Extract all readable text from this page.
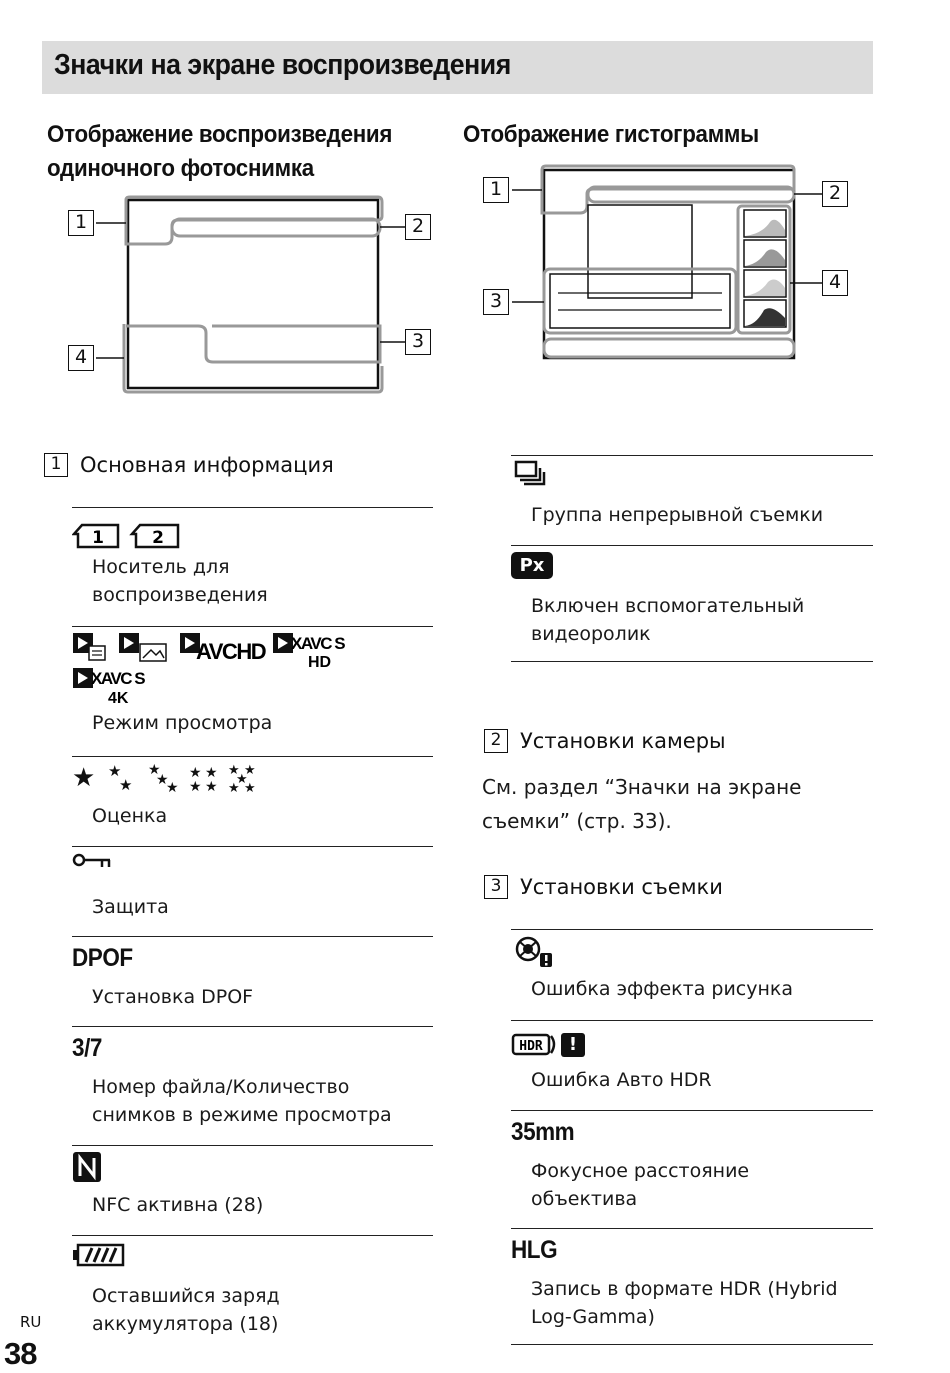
Значки на экране воспроизведения
Отображение воспроизведения
одиночного фотоснимка
Отображение гистограммы
1	2
3
4
1	2
3
4
1 Основная информация
1	2
Носитель для
воспроизведения
AVCHD XAVC S
HD
XAVC S
4K
Режим просмотра
★ ★
★
★
★
★
★ ★
★ ★
★ ★
★
★ ★
Оценка
Защита
DPOF
Установка DPOF
3/7
Номер файла/Количество
снимков в режиме просмотра
NFC активна (28)
Оставшийся заряд
аккумулятора (18)
Группа непрерывной съемки
Px
Включен вспомогательный
видеоролик
2 Установки камеры
См. раздел “Значки на экране
съемки” (стр. 33).
3 Установки съемки
Ошибка эффекта рисунка
HDR	!
Ошибка Авто HDR
35mm
Фокусное расстояние
объектива
HLG
Запись в формате HDR (Hybrid
Log-Gamma)
RU
38
